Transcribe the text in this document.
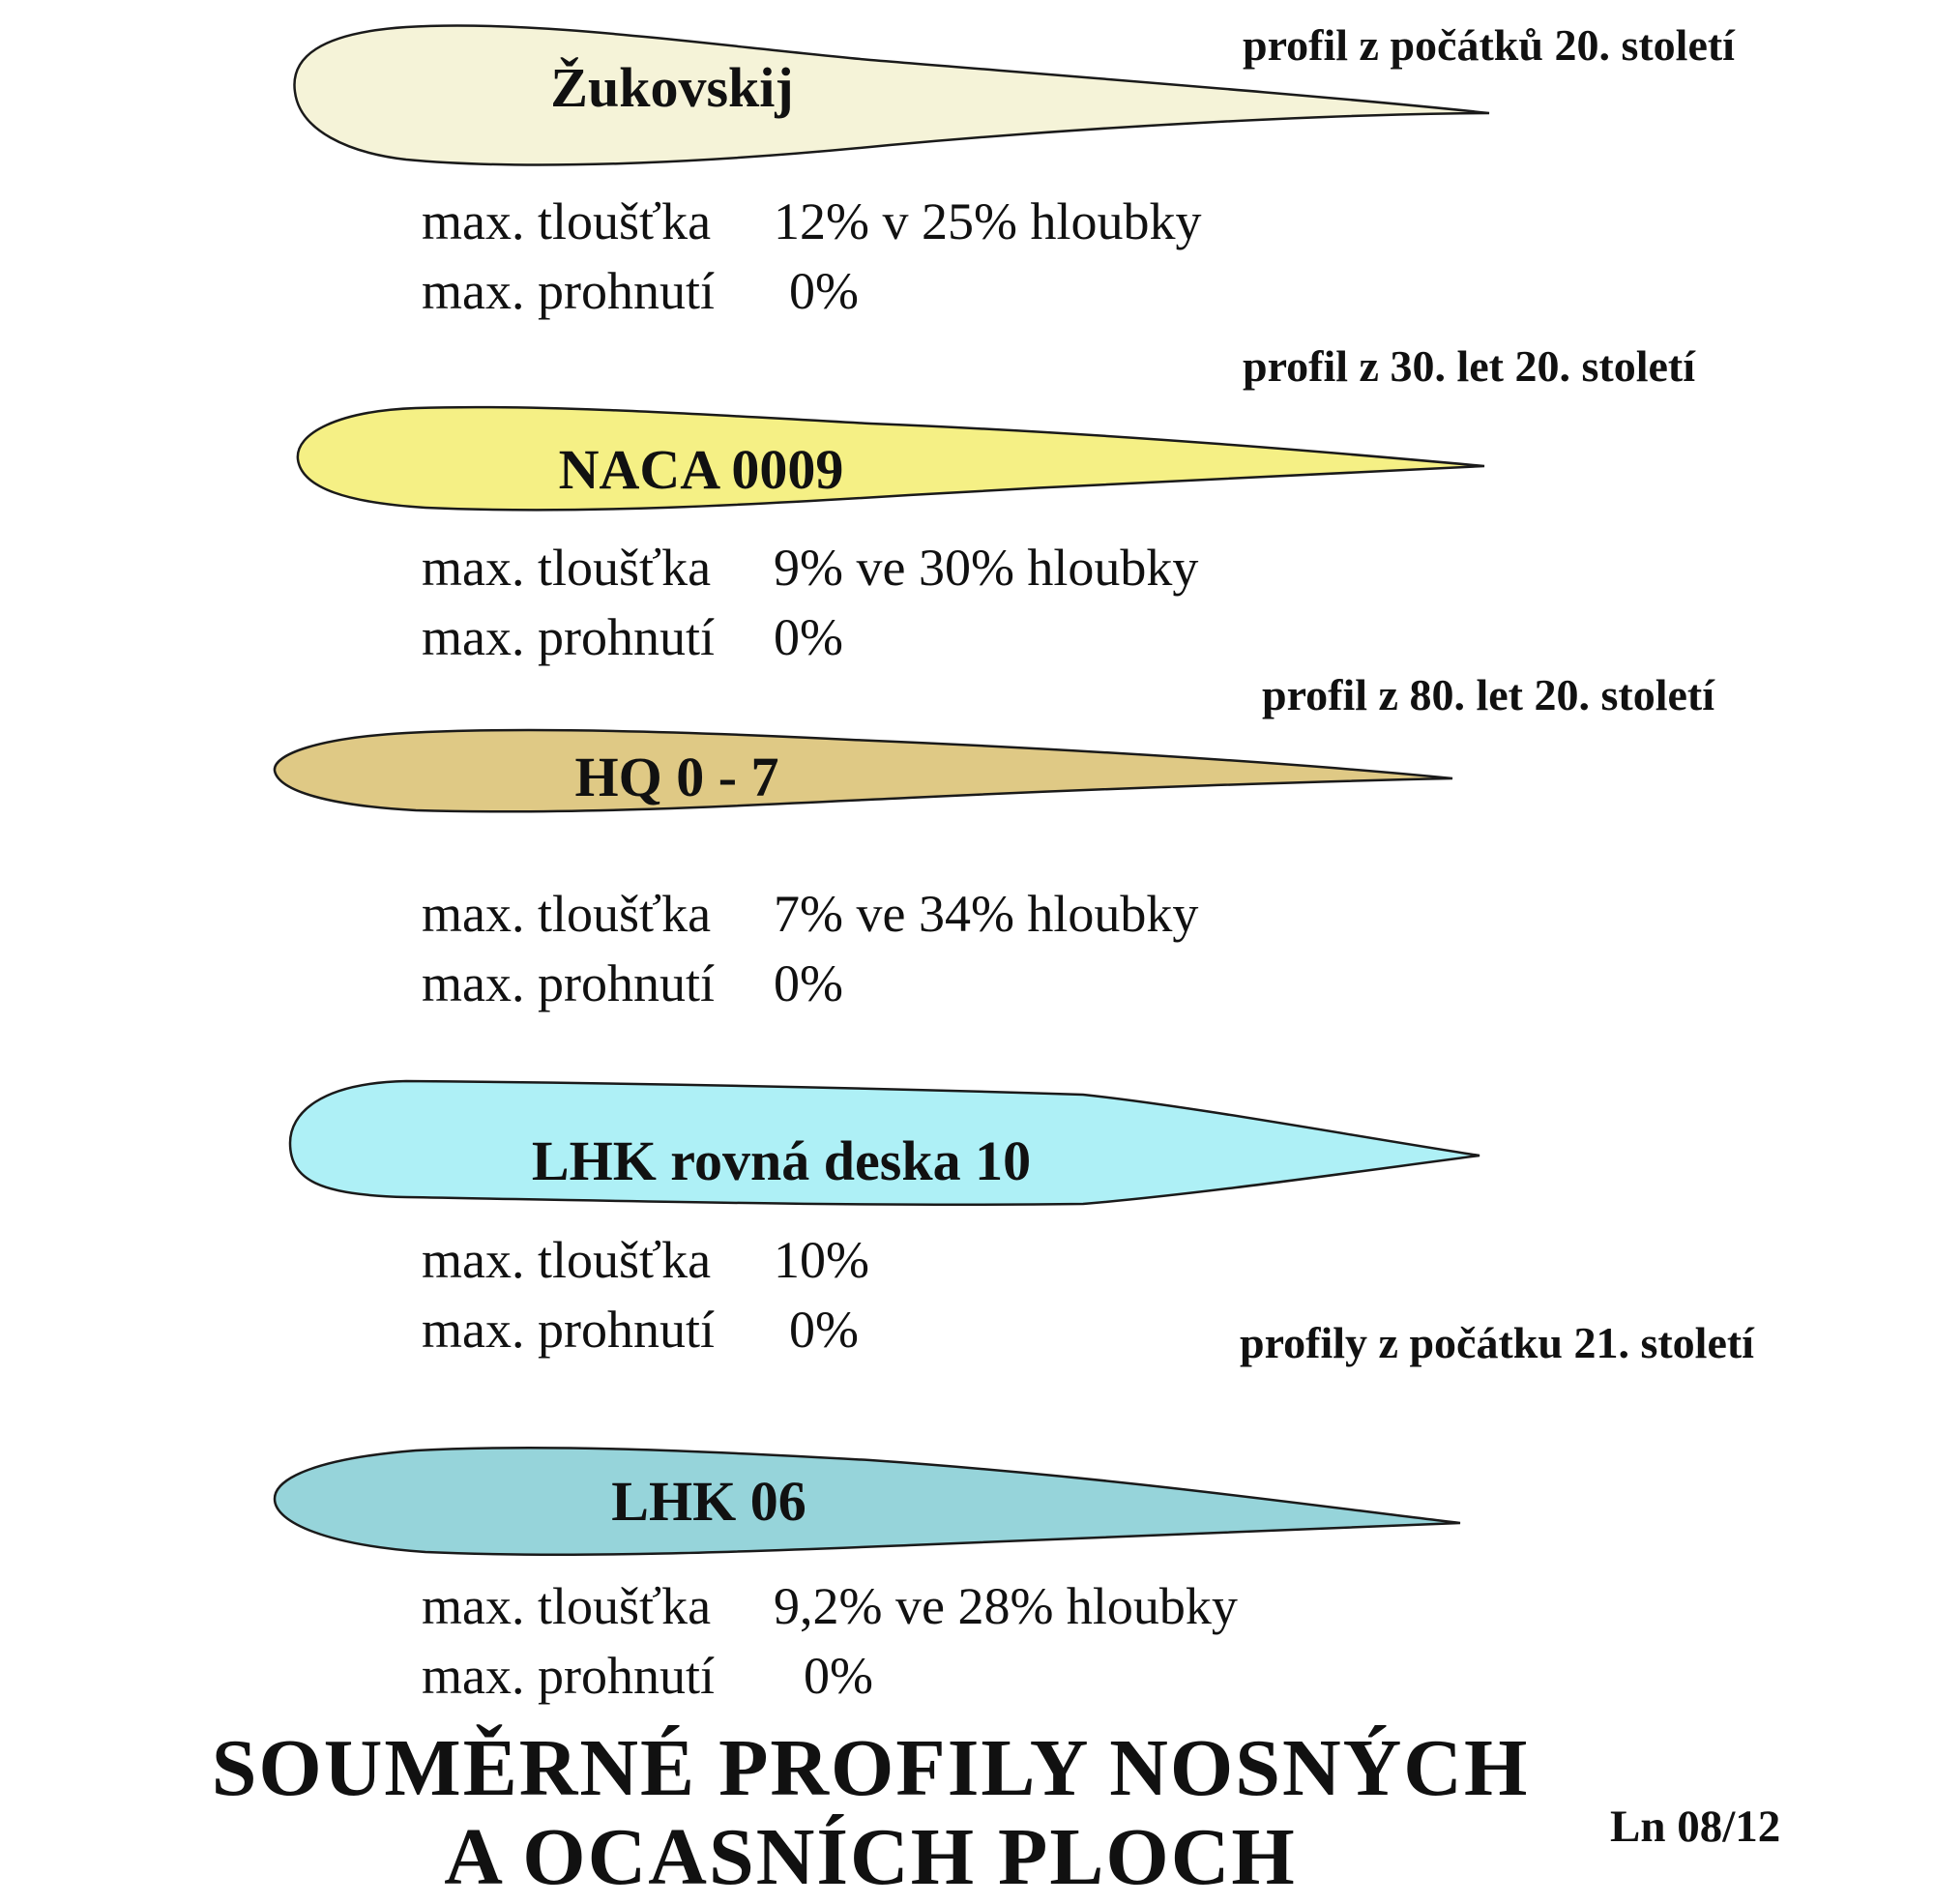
Žukovskij
NACA 0009
HQ 0 - 7
LHK rovná deska 10
LHK 06
profil z počátků 20. století
profil z 30. let 20. století
profil z 80. let 20. století
profily z počátku 21. století
max. tloušťka 12% v 25% hloubky
max. prohnutí 0%
max. tloušťka 9% ve 30% hloubky
max. prohnutí 0%
max. tloušťka 7% ve 34% hloubky
max. prohnutí 0%
max. tloušťka 10%
max. prohnutí 0%
max. tloušťka 9,2% ve 28% hloubky
max. prohnutí 0%
SOUMĚRNÉ PROFILY NOSNÝCH
A OCASNÍCH PLOCH	Ln 08/12
